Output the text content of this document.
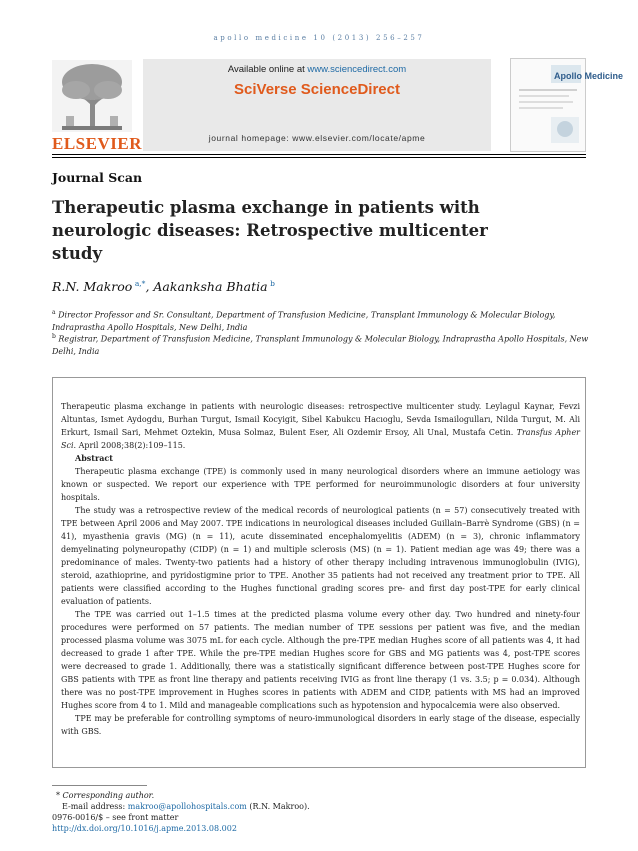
apollo medicine 10 (2013) 256–257
ELSEVIER
Available online at www.sciencedirect.com
SciVerse ScienceDirect
journal homepage: www.elsevier.com/locate/apme
Apollo Medicine
Journal Scan
Therapeutic plasma exchange in patients with neurologic diseases: Retrospective multicenter study
R.N. Makroo  $^{a,*}$, Aakanksha Bhatia  $^b$
$^a$ Director Professor and Sr. Consultant, Department of Transfusion Medicine, Transplant Immunology & Molecular Biology, Indraprastha Apollo Hospitals, New Delhi, India
$^b$ Registrar, Department of Transfusion Medicine, Transplant Immunology & Molecular Biology, Indraprastha Apollo Hospitals, New Delhi, India

Therapeutic plasma exchange in patients with neurologic diseases: retrospective multicenter study. Leylagul Kaynar, Fevzi Altuntas, Ismet Aydogdu, Burhan Turgut, Ismail Kocyigit, Sibel Kabukcu Hacıoglu, Sevda Ismailogulları, Nilda Turgut, M. Ali Erkurt, Ismail Sari, Mehmet Oztekin, Musa Solmaz, Bulent Eser, Ali Ozdemir Ersoy, Ali Unal, Mustafa Cetin. Transfus Apher Sci. April 2008;38(2):109–115.

Abstract

Therapeutic plasma exchange (TPE) is commonly used in many neurological disorders where an immune aetiology was known or suspected. We report our experience with TPE performed for neuroimmunologic disorders at four university hospitals.

The study was a retrospective review of the medical records of neurological patients (n = 57) consecutively treated with TPE between April 2006 and May 2007. TPE indications in neurological diseases included Guillain–Barrè Syndrome (GBS) (n = 41), myasthenia gravis (MG) (n = 11), acute disseminated encephalomyelitis (ADEM) (n = 3), chronic inflammatory demyelinating polyneuropathy (CIDP) (n = 1) and multiple sclerosis (MS) (n = 1). Patient median age was 49; there was a predominance of males. Twenty-two patients had a history of other therapy including intravenous immunoglobulin (IVIG), steroid, azathioprine, and pyridostigmine prior to TPE. Another 35 patients had not received any treatment prior to TPE. All patients were classified according to the Hughes functional grading scores pre- and first day post-TPE for early clinical evaluation of patients.

The TPE was carried out 1–1.5 times at the predicted plasma volume every other day. Two hundred and ninety-four procedures were performed on 57 patients. The median number of TPE sessions per patient was five, and the median processed plasma volume was 3075 mL for each cycle. Although the pre-TPE median Hughes score of all patients was 4, it had decreased to grade 1 after TPE. While the pre-TPE median Hughes score for GBS and MG patients was 4, post-TPE scores were decreased to grade 1. Additionally, there was a statistically significant difference between post-TPE Hughes score for GBS patients with TPE as front line therapy and patients receiving IVIG as front line therapy (1 vs. 3.5; p = 0.034). Although there was no post-TPE improvement in Hughes scores in patients with ADEM and CIDP, patients with MS had an improved Hughes score from 4 to 1. Mild and manageable complications such as hypotension and hypocalcemia were also observed.

TPE may be preferable for controlling symptoms of neuro-immunological disorders in early stage of the disease, especially with GBS.

* Corresponding author.
E-mail address: makroo@apollohospitals.com (R.N. Makroo).
0976-0016/$ – see front matter
http://dx.doi.org/10.1016/j.apme.2013.08.002
